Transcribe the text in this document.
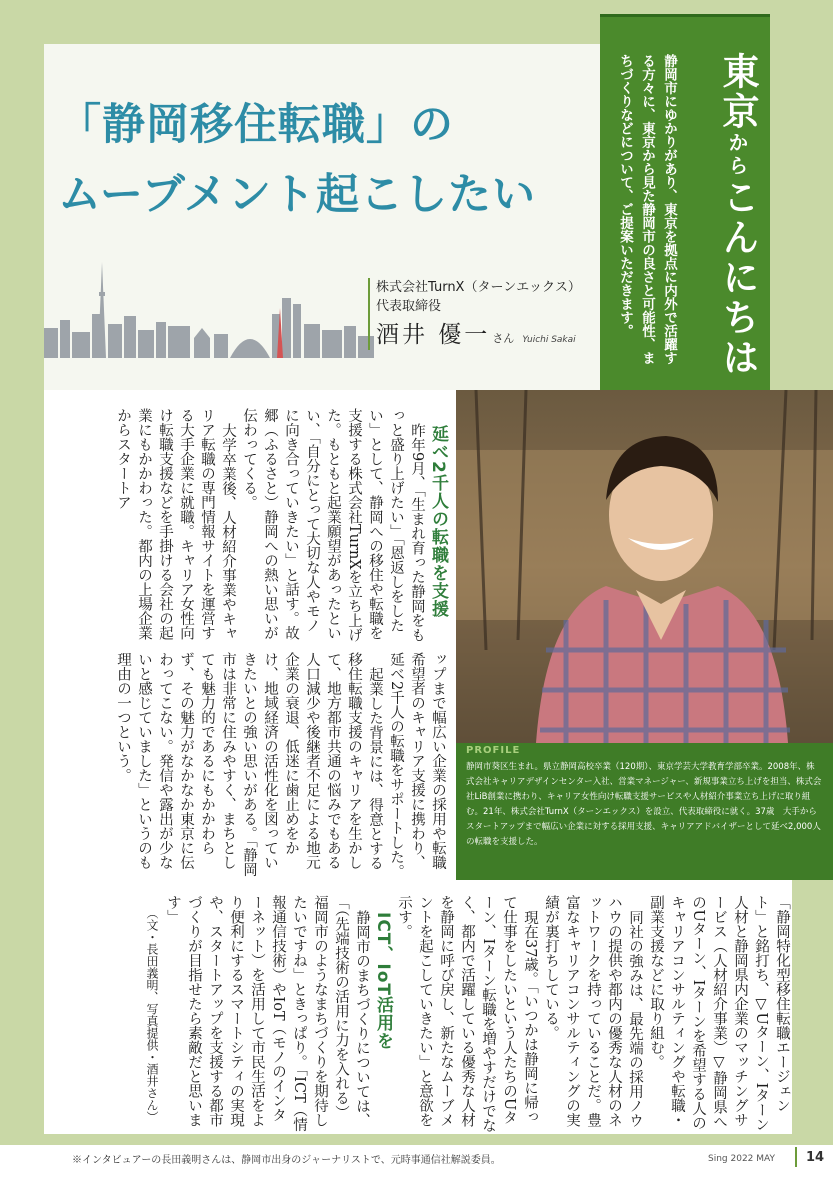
「静岡移住転職」の
ムーブメント起こしたい
株式会社TurnX（ターンエックス）
代表取締役
酒井 優一 さん Yuichi Sakai
東京からこんにちは

静岡市にゆかりがあり、東京を拠点に内外で活躍する方々に、東京から見た静岡市の良さと可能性、まちづくりなどについて、ご提案いただきます。

PROFILE

静岡市葵区生まれ。県立静岡高校卒業（120期）、東京学芸大学教育学部卒業。2008年、株式会社キャリアデザインセンター入社、営業マネージャー、新規事業立ち上げを担当、株式会社LiB創業に携わり、キャリア女性向け転職支援サービスや人材紹介事業立ち上げに取り組む。21年、株式会社TurnX（ターンエックス）を設立、代表取締役に就く。37歳　大手からスタートアップまで幅広い企業に対する採用支援、キャリアアドバイザーとして延べ2,000人の転職を支援した。

延べ2千人の転職を支援

昨年9月、「生まれ育った静岡をもっと盛り上げたい」「恩返しをしたい」として、静岡への移住や転職を支援する株式会社TurnXを立ち上げた。もともと起業願望があったといい、「自分にとって大切な人やモノに向き合っていきたい」と話す。故郷（ふるさと）静岡への熱い思いが伝わってくる。

大学卒業後、人材紹介事業やキャリア転職の専門情報サイトを運営する大手企業に就職。キャリア女性向け転職支援などを手掛ける会社の起業にもかかわった。都内の上場企業からスタートア

ップまで幅広い企業の採用や転職希望者のキャリア支援に携わり、延べ2千人の転職をサポートした。

起業した背景には、得意とする移住転職支援のキャリアを生かして、地方都市共通の悩みでもある人口減少や後継者不足による地元企業の衰退、低迷に歯止めをかけ、地域経済の活性化を図っていきたいとの強い思いがある。「静岡市は非常に住みやすく、まちとしても魅力的であるにもかかわらず、その魅力がなかなか東京に伝わってこない。発信や露出が少ないと感じていました」というのも理由の一つという。

「静岡特化型移住転職エージェント」と銘打ち、▽Uターン、Iターン人材と静岡県内企業のマッチングサービス（人材紹介事業）▽静岡県へのUターン、Iターンを希望する人のキャリアコンサルティングや転職・副業支援などに取り組む。

同社の強みは、最先端の採用ノウハウの提供や都内の優秀な人材のネットワークを持っていることだ。豊富なキャリアコンサルティングの実績が裏打ちしている。

現在37歳。「いつかは静岡に帰って仕事をしたいという人たちのUターン、Iターン転職を増やすだけでなく、都内で活躍している優秀な人材を静岡に呼び戻し、新たなムーブメントを起こしていきたい」と意欲を示す。

ICT、IoT活用を

静岡市のまちづくりについては、「（先端技術の活用に力を入れる）福岡市のようなまちづくりを期待したいですね」ときっぱり。「ICT（情報通信技術）やIoT（モノのインターネット）を活用して市民生活をより便利にするスマートシティの実現や、スタートアップを支援する都市づくりが目指せたら素敵だと思います」

（文・長田義明、写真提供・酒井さん）

※インタビュアーの長田義明さんは、静岡市出身のジャーナリストで、元時事通信社解説委員。	Sing 2022 MAY 14
